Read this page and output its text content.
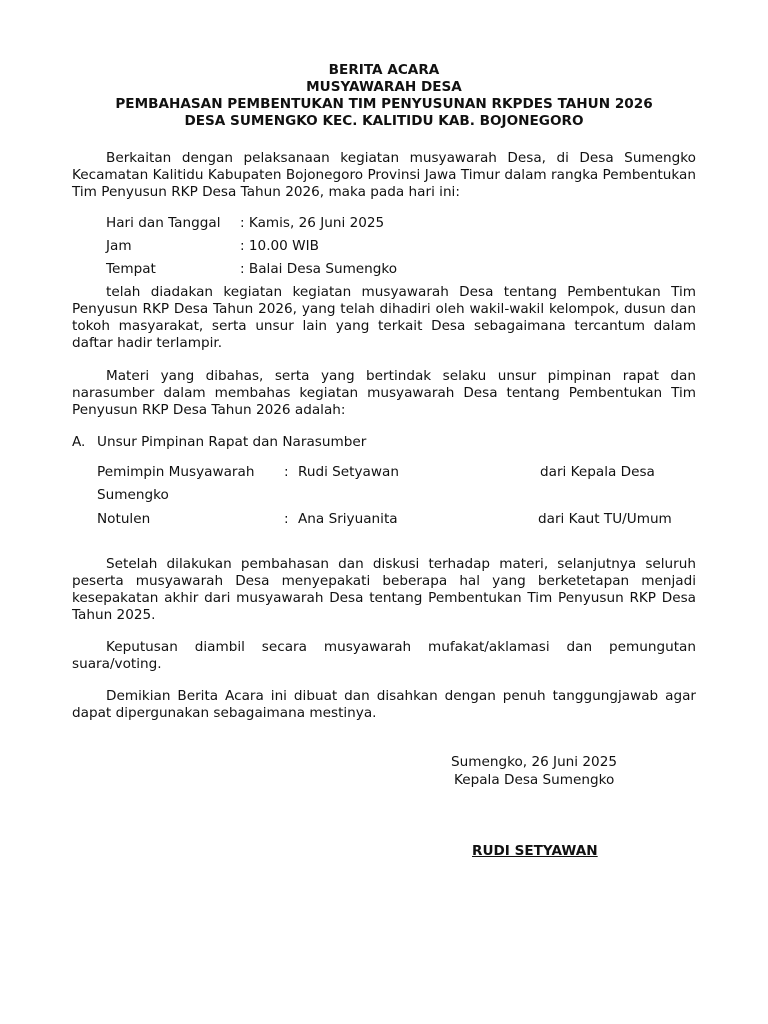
BERITA ACARA
MUSYAWARAH DESA
PEMBAHASAN PEMBENTUKAN TIM PENYUSUNAN RKPDES TAHUN 2026
DESA SUMENGKO KEC. KALITIDU KAB. BOJONEGORO
Berkaitan dengan pelaksanaan kegiatan musyawarah Desa, di Desa Sumengko Kecamatan Kalitidu Kabupaten Bojonegoro Provinsi Jawa Timur dalam rangka Pembentukan Tim Penyusun RKP Desa Tahun 2026, maka pada hari ini:
Hari dan Tanggal : Kamis, 26 Juni 2025
Jam	: 10.00 WIB
Tempat	: Balai Desa Sumengko
telah diadakan kegiatan kegiatan musyawarah Desa tentang Pembentukan Tim Penyusun RKP Desa Tahun 2026, yang telah dihadiri oleh wakil-wakil kelompok, dusun dan tokoh masyarakat, serta unsur lain yang terkait Desa sebagaimana tercantum dalam daftar hadir terlampir.
Materi yang dibahas, serta yang bertindak selaku unsur pimpinan rapat dan narasumber dalam membahas kegiatan musyawarah Desa tentang Pembentukan Tim Penyusun RKP Desa Tahun 2026 adalah:
A. Unsur Pimpinan Rapat dan Narasumber
Pemimpin Musyawarah : Rudi Setyawan	dari Kepala Desa
Sumengko
Notulen	: Ana Sriyuanita	dari Kaut TU/Umum
Setelah dilakukan pembahasan dan diskusi terhadap materi, selanjutnya seluruh peserta musyawarah Desa menyepakati beberapa hal yang berketetapan menjadi kesepakatan akhir dari musyawarah Desa tentang Pembentukan Tim Penyusun RKP Desa Tahun 2025.
Keputusan diambil secara musyawarah mufakat/aklamasi dan pemungutan suara/voting.
Demikian Berita Acara ini dibuat dan disahkan dengan penuh tanggungjawab agar dapat dipergunakan sebagaimana mestinya.
Sumengko, 26 Juni 2025
Kepala Desa Sumengko
RUDI SETYAWAN
